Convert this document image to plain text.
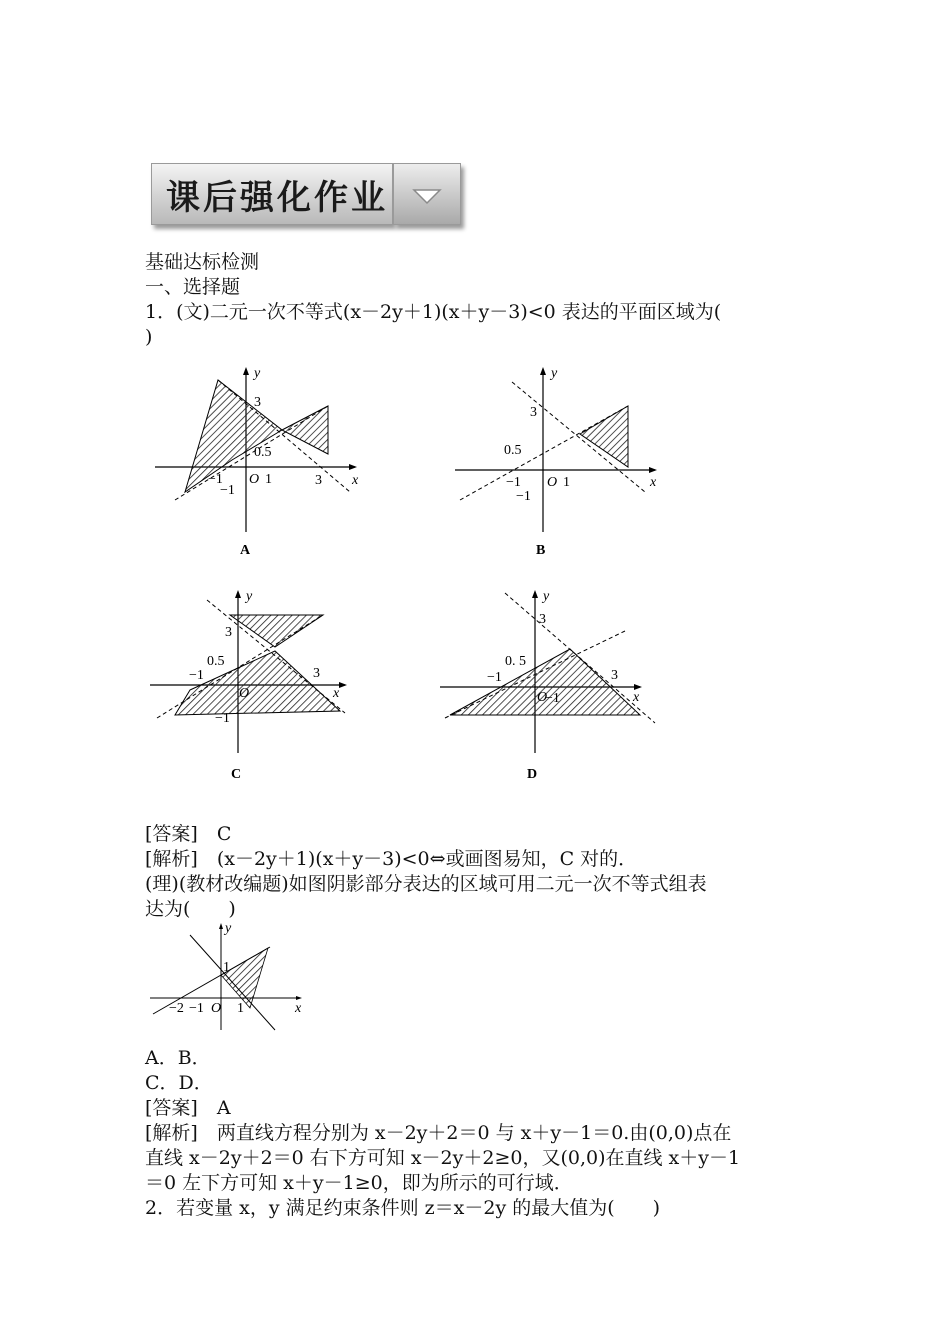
课后强化作业
基础达标检测
一、选择题
1．(文)二元一次不等式(x－2y＋1)(x＋y－3)<0 表达的平面区域为(
)
x
y
O
−1	1	3
−1
0.5
3
A
x
y
O
−1	1
−1
0.5
3
B
x
y
O
−1	3
−1
0.5
3
C
x
y
O
−1	3
−1
0. 5
3
D
[答案]　C
[解析]　(x－2y＋1)(x＋y－3)<0⇔或画图易知，C 对的．
(理)(教材改编题)如图阴影部分表达的区域可用二元一次不等式组表
达为(　　)
x
y
O
−2 −1 1
1
A．B．
C．D．
[答案]　A
[解析]　两直线方程分别为 x－2y＋2＝0 与 x＋y－1＝0.由(0,0)点在
直线 x－2y＋2＝0 右下方可知 x－2y＋2≥0，又(0,0)在直线 x＋y－1
＝0 左下方可知 x＋y－1≥0，即为所示的可行域．
2．若变量 x，y 满足约束条件则 z＝x－2y 的最大值为(　　)
